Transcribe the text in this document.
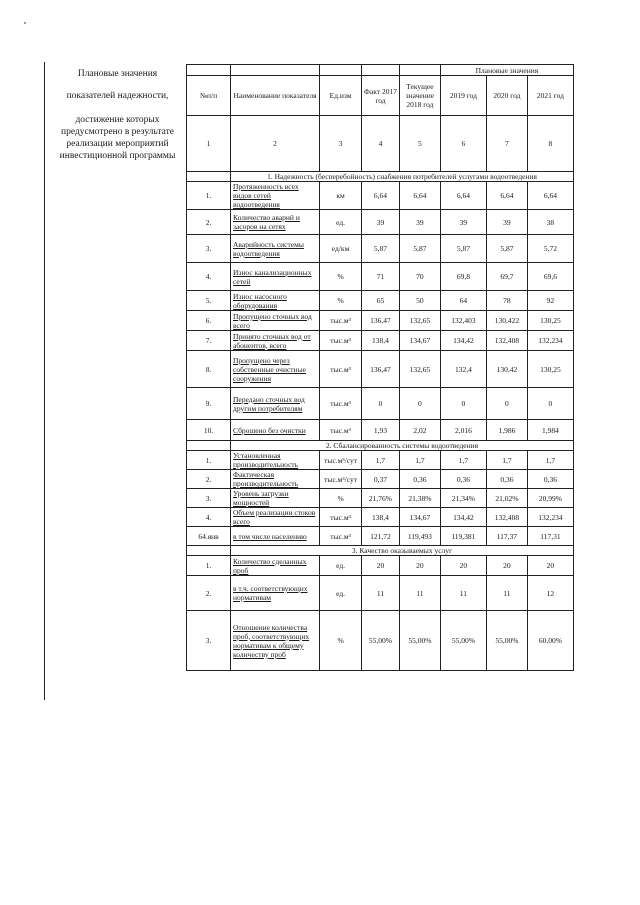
Плановые значения
показателей надежности,
достижение которых предусмотрено в результате реализации мероприятий инвестиционной программы
					Плановые значения		
№п/п	Наименование показателя	Ед.изм	Факт 2017 год	Текущее значение 2018 год	2019 год	2020 год	2021 год
1	2	3	4	5	6	7	8
	1. Надежность (бесперебойность) снабжения потребителей услугами водоотведения						
1.	Протяженность всех видов сетей водоотведения	км	6,64	6,64	6,64	6,64	6,64
2.	Количество аварий и засоров на сетях	ед.	39	39	39	39	38
3.	Аварийность системы водоотведения	ед/км	5,87	5,87	5,87	5,87	5,72
4.	Износ канализационных сетей	%	71	70	69,8	69,7	69,6
5.	Износ насосного оборудования	%	65	50	64	78	92
6.	Пропущено сточных вод всего	тыс.м³	136,47	132,65	132,403	130,422	130,25
7.	Принято сточных вод от абонентов, всего	тыс.м³	138,4	134,67	134,42	132,408	132,234
8.	Пропущено через собственные очистные сооружения	тыс.м³	136,47	132,65	132,4	130,42	130,25
9.	Передано сточных вод другим потребителям	тыс.м³	0	0	0	0	0
10.	Сброшено без очистки	тыс.м³	1,93	2,02	2,016	1,986	1,984
	2. Сбалансированность системы водоотведения						
1.	Установленная производительность	тыс.м³/сут	1,7	1,7	1,7	1,7	1,7
2.	Фактическая производительность	тыс.м³/сут	0,37	0,36	0,36	0,36	0,36
3.	Уровень загрузки мощностей	%	21,76%	21,38%	21,34%	21,02%	20,99%
4.	Объем реализации стоков всего	тыс.м³	138,4	134,67	134,42	132,408	132,234
64.янв	в том числе населению	тыс.м³	121,72	119,493	119,381	117,37	117,31
	3. Качество оказываемых услуг						
1.	Количество сделанных проб	ед.	20	20	20	20	20
2.	в т.ч. соответствующих нормативам	ед.	11	11	11	11	12
3.	Отношение количества проб, соответствующих нормативам к общему количеству проб	%	55,00%	55,00%	55,00%	55,00%	60,00%
